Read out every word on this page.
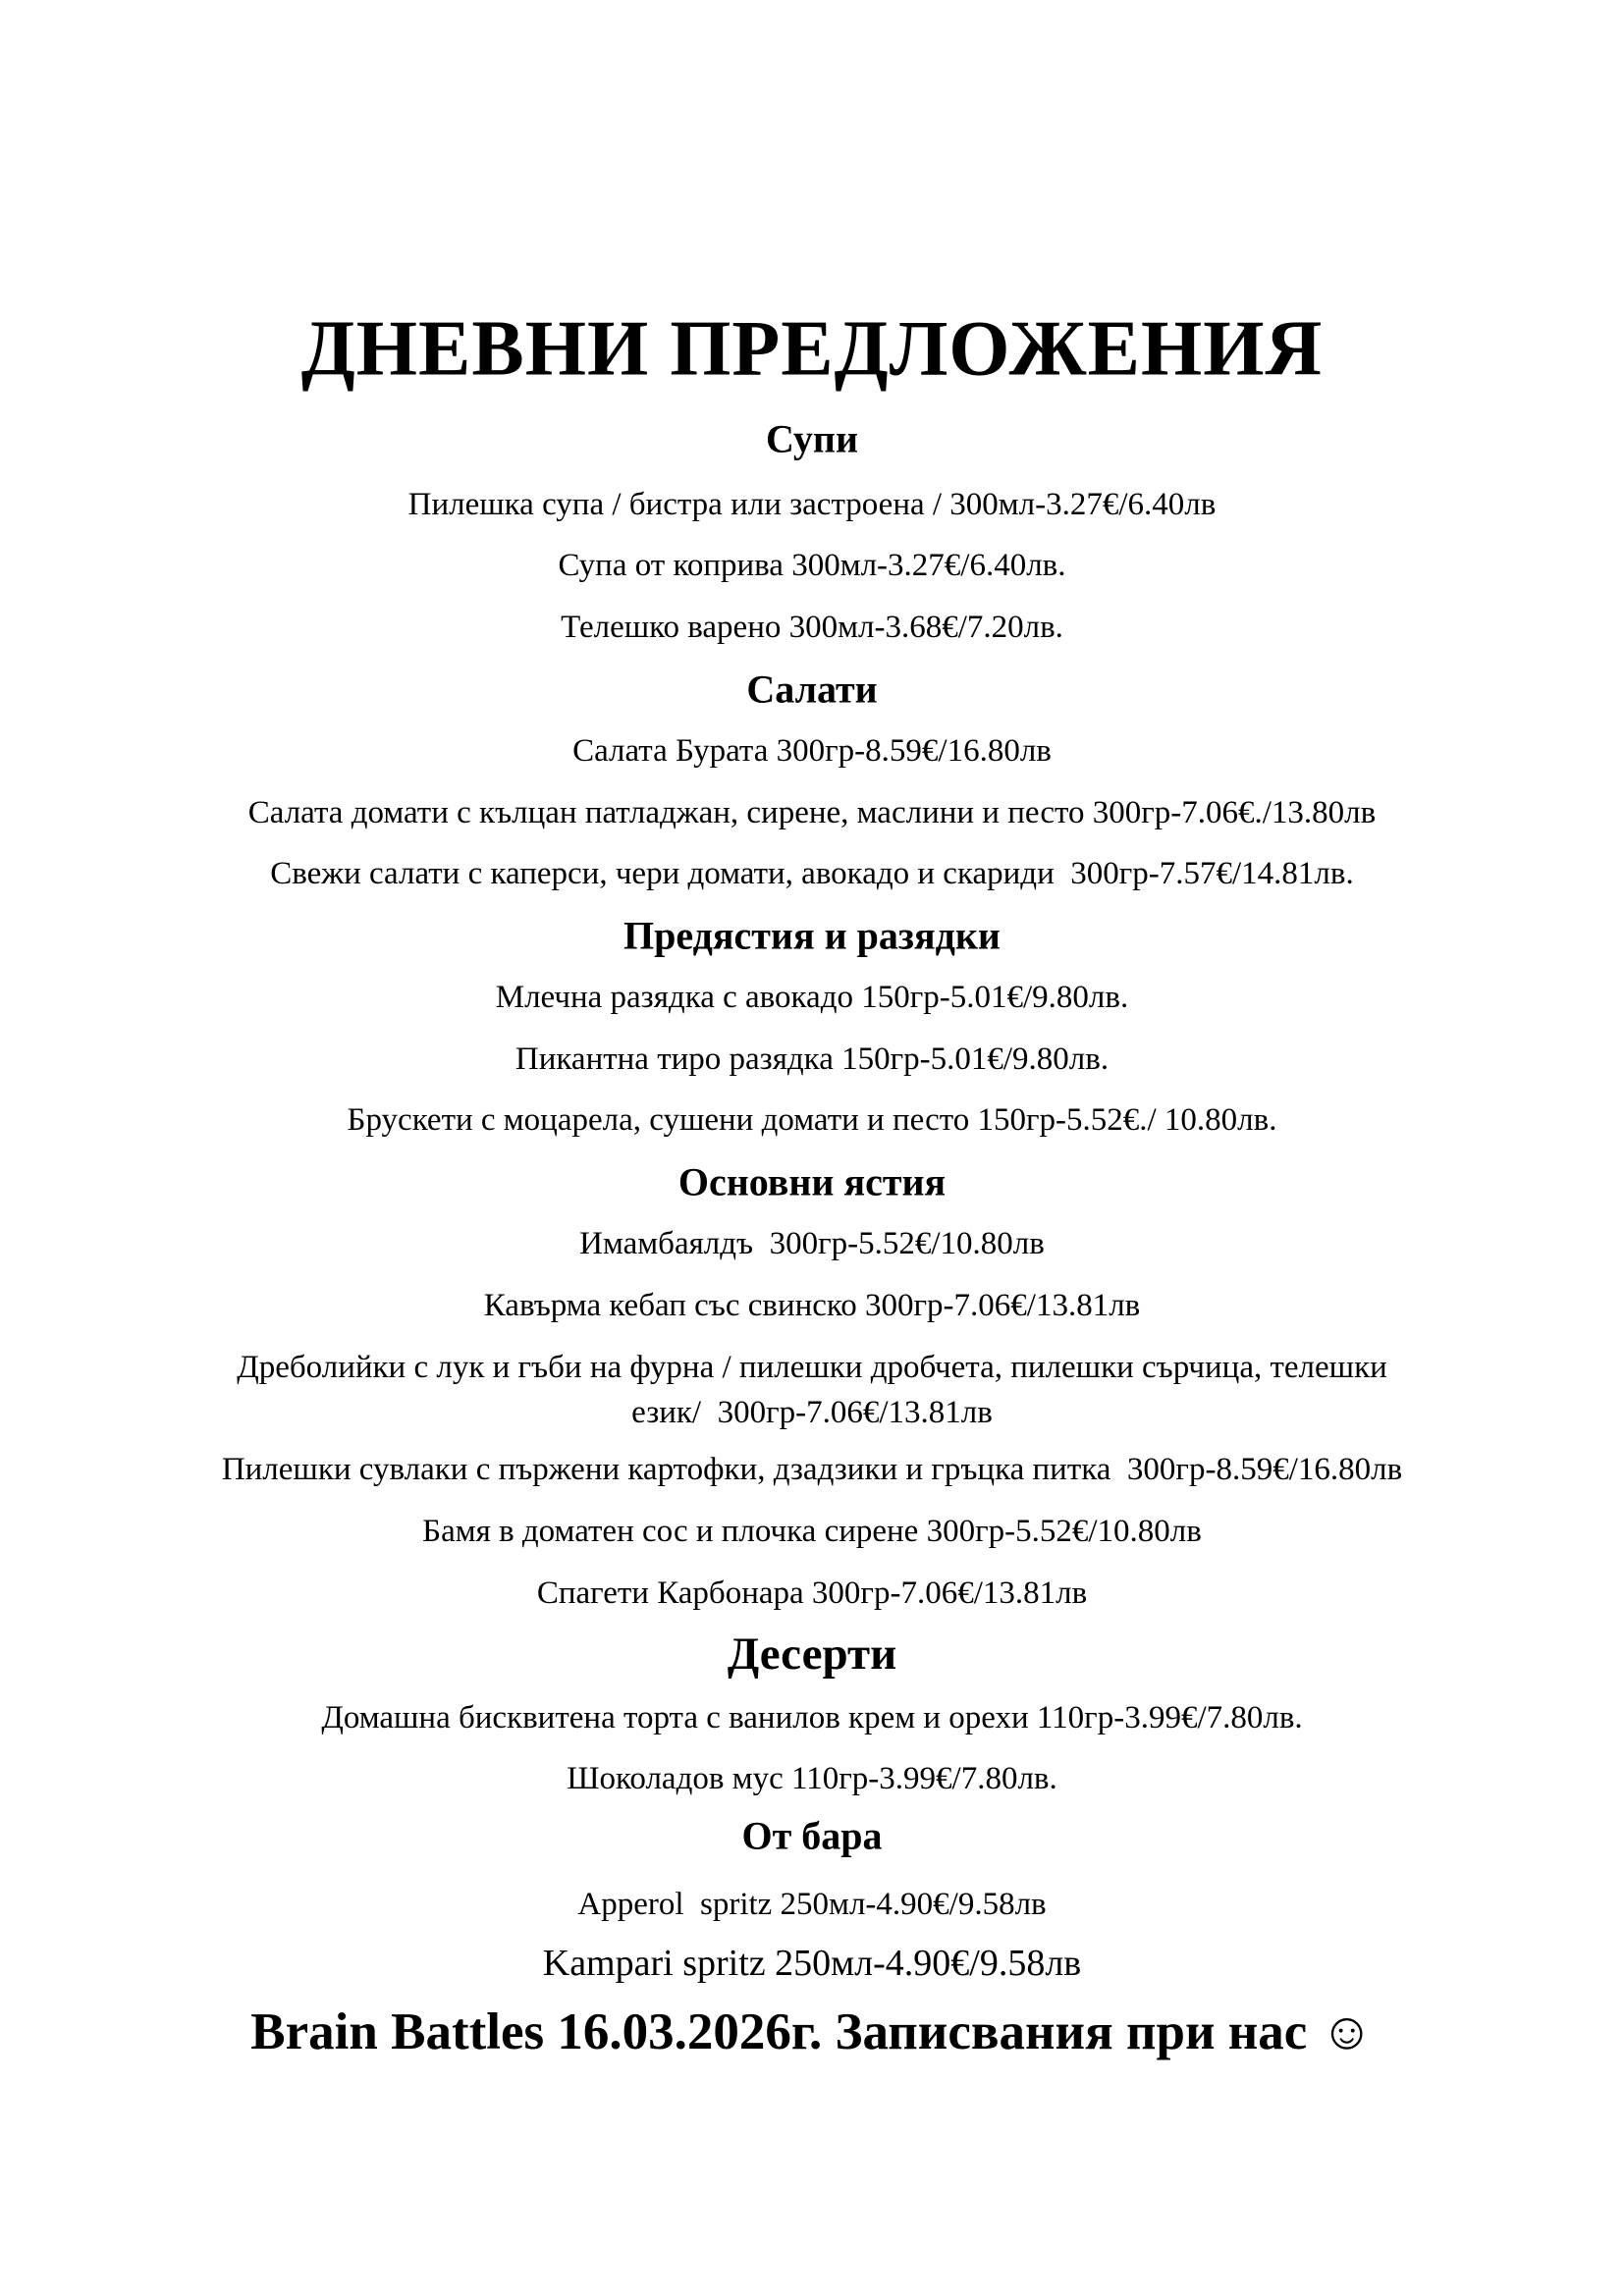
ДНЕВНИ ПРЕДЛОЖЕНИЯ
Супи
Пилешка супа / бистра или застроена / 300мл-3.27€/6.40лв
Супа от коприва 300мл-3.27€/6.40лв.
Телешко варено 300мл-3.68€/7.20лв.
Салати
Салата Бурата 300гр-8.59€/16.80лв
Салата домати с кълцан патладжан, сирене, маслини и песто 300гр-7.06€./13.80лв
Свежи салати с каперси, чери домати, авокадо и скариди  300гр-7.57€/14.81лв.
Предястия и разядки
Млечна разядка с авокадо 150гр-5.01€/9.80лв.
Пикантна тиро разядка 150гр-5.01€/9.80лв.
Брускети с моцарела, сушени домати и песто 150гр-5.52€./ 10.80лв.
Основни ястия
Имамбаялдъ  300гр-5.52€/10.80лв
Кавърма кебап със свинско 300гр-7.06€/13.81лв
Дреболийки с лук и гъби на фурна / пилешки дробчета, пилешки сърчица, телешки език/  300гр-7.06€/13.81лв
Пилешки сувлаки с пържени картофки, дзадзики и гръцка питка  300гр-8.59€/16.80лв
Бамя в доматен сос и плочка сирене 300гр-5.52€/10.80лв
Спагети Карбонара 300гр-7.06€/13.81лв
Десерти
Домашна бисквитена торта с ванилов крем и орехи 110гр-3.99€/7.80лв.
Шоколадов мус 110гр-3.99€/7.80лв.
От бара
Apperol  spritz 250мл-4.90€/9.58лв
Kampari spritz 250мл-4.90€/9.58лв
Brain Battles 16.03.2026г. Записвания при нас ☺
